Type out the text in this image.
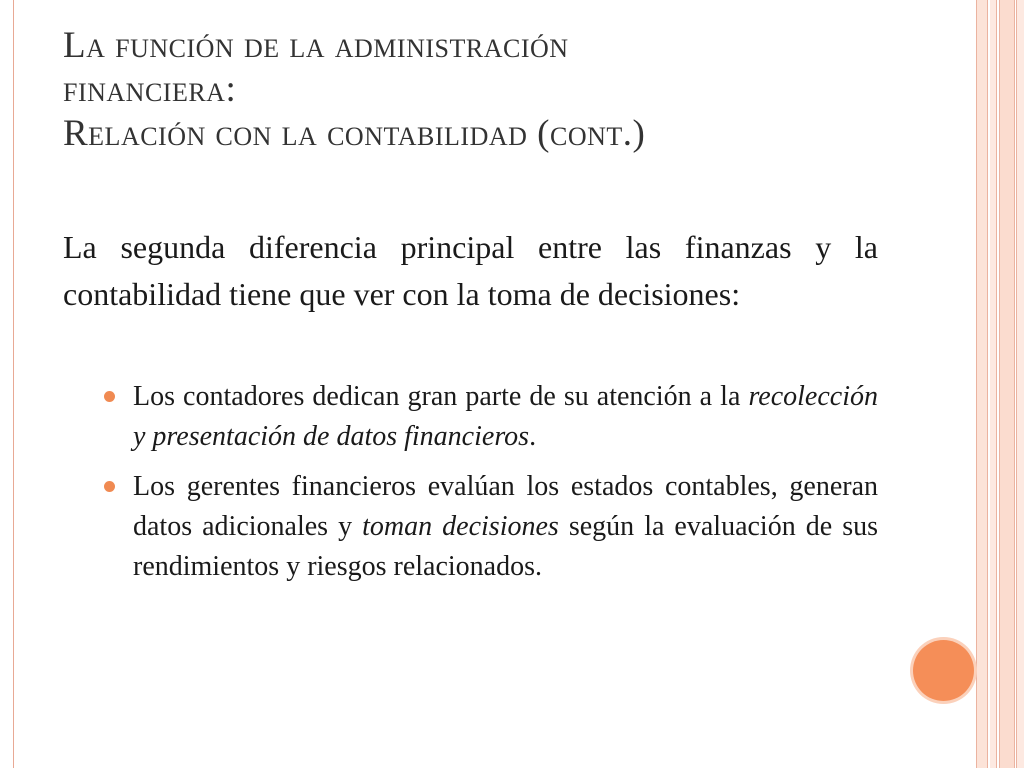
La función de la administración
financiera:
Relación con la contabilidad (cont.)
La segunda diferencia principal entre las finanzas y la contabilidad tiene que ver con la toma de decisiones:
Los contadores dedican gran parte de su atención a la recolección y presentación de datos financieros.
Los gerentes financieros evalúan los estados contables, generan datos adicionales y toman decisiones según la evaluación de sus rendimientos y riesgos relacionados.
